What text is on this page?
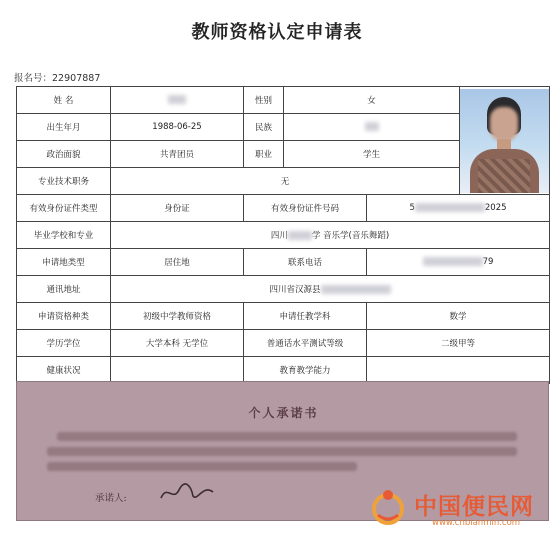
教师资格认定申请表
报名号：22907887
姓 名		性别	女		

出生年月	1988-06-25	民族			
政治面貌	共青团员	职业	学生		
专业技术职务	无				
有效身份证件类型	身份证	有效身份证件号码		5 2025	
毕业学校和专业	四川 学 音乐学(音乐舞蹈)				
申请地类型	居住地	联系电话		79	
通讯地址	四川省汉源县				
申请资格种类	初级中学教师资格	申请任教学科		数学	
学历学位	大学本科 无学位	普通话水平测试等级		二级甲等	
健康状况		教育教学能力			
个人承诺书
承诺人:	中国便民网
www.cnbianmin.com
